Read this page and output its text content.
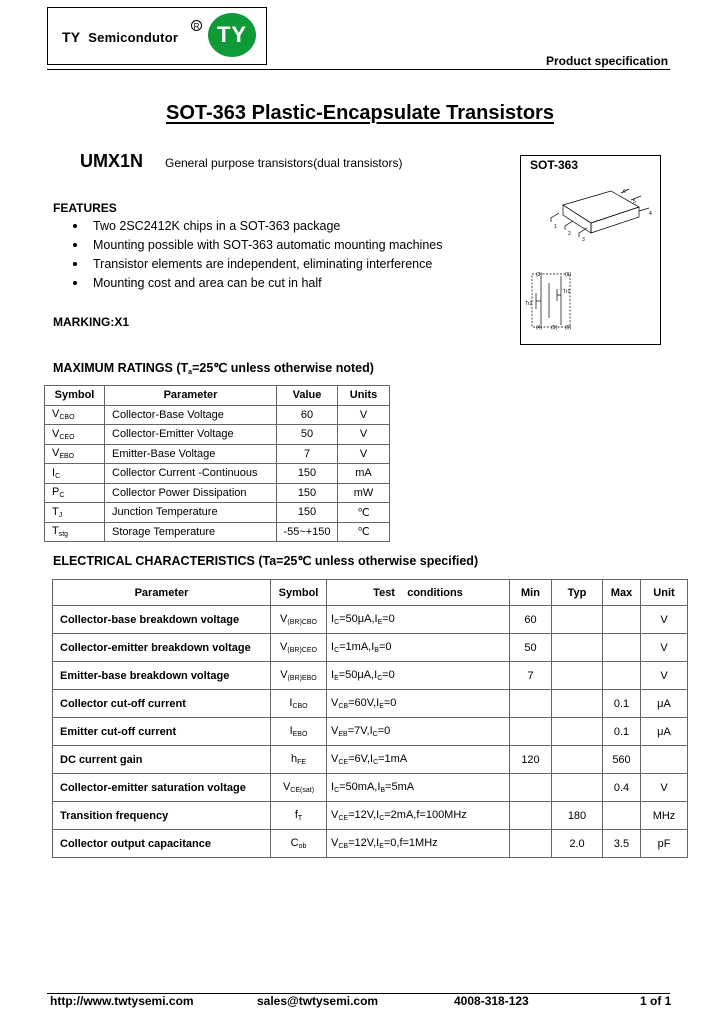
TY Semicondutor
R TY
Product specification
SOT-363 Plastic-Encapsulate Transistors
UMX1N General purpose transistors(dual transistors)	SOT-363
6
5
4
1
2
3
(3)	(1)
(4)	(6)
(5)
Tr2
Tr1
FEATURES
Two 2SC2412K chips in a SOT-363 package
Mounting possible with SOT-363 automatic mounting machines
Transistor elements are independent, eliminating interference
Mounting cost and area can be cut in half
MARKING:X1
MAXIMUM RATINGS ($T_a=25℃$ unless otherwise noted)
Symbol	Parameter	Value	Units
$V_{CBO}$	Collector-Base Voltage	60	V
$V_{CEO}$	Collector-Emitter Voltage	50	V
$V_{EBO}$	Emitter-Base Voltage	7	V
$I_C$	Collector Current -Continuous	150	mA
$P_C$	Collector Power Dissipation	150	mW
$T_J$	Junction Temperature	150	℃
$T_{stg}$	Storage Temperature	-55~+150	℃
ELECTRICAL CHARACTERISTICS (Ta=25℃ unless otherwise specified)
Parameter	Symbol	Test    conditions	Min	Typ	Max	Unit
Collector-base breakdown voltage	$V_{(BR)CBO}$	$I_C=50\mu A,I_E=0$	60			V
Collector-emitter breakdown voltage	$V_{(BR)CEO}$	$I_C=1mA,I_B=0$	50			V
Emitter-base breakdown voltage	$V_{(BR)EBO}$	$I_E=50\mu A,I_C=0$	7			V
Collector cut-off current	$I_{CBO}$	$V_{CB}=60V,I_E=0$			0.1	μA
Emitter cut-off current	$I_{EBO}$	$V_{EB}=7V,I_C=0$			0.1	μA
DC current gain	$h_{FE}$	$V_{CE}=6V,I_C=1mA$	120		560	
Collector-emitter saturation voltage	$V_{CE(sat)}$	$I_C=50mA,I_B=5mA$			0.4	V
Transition frequency	$f_T$	$V_{CE}=12V,I_C=2mA,f=100MHz$		180		MHz
Collector output capacitance	$C_{ob}$	$V_{CB}=12V,I_E=0,f=1MHz$		2.0	3.5	pF
http://www.twtysemi.com	sales@twtysemi.com	4008-318-123	1 of 1
